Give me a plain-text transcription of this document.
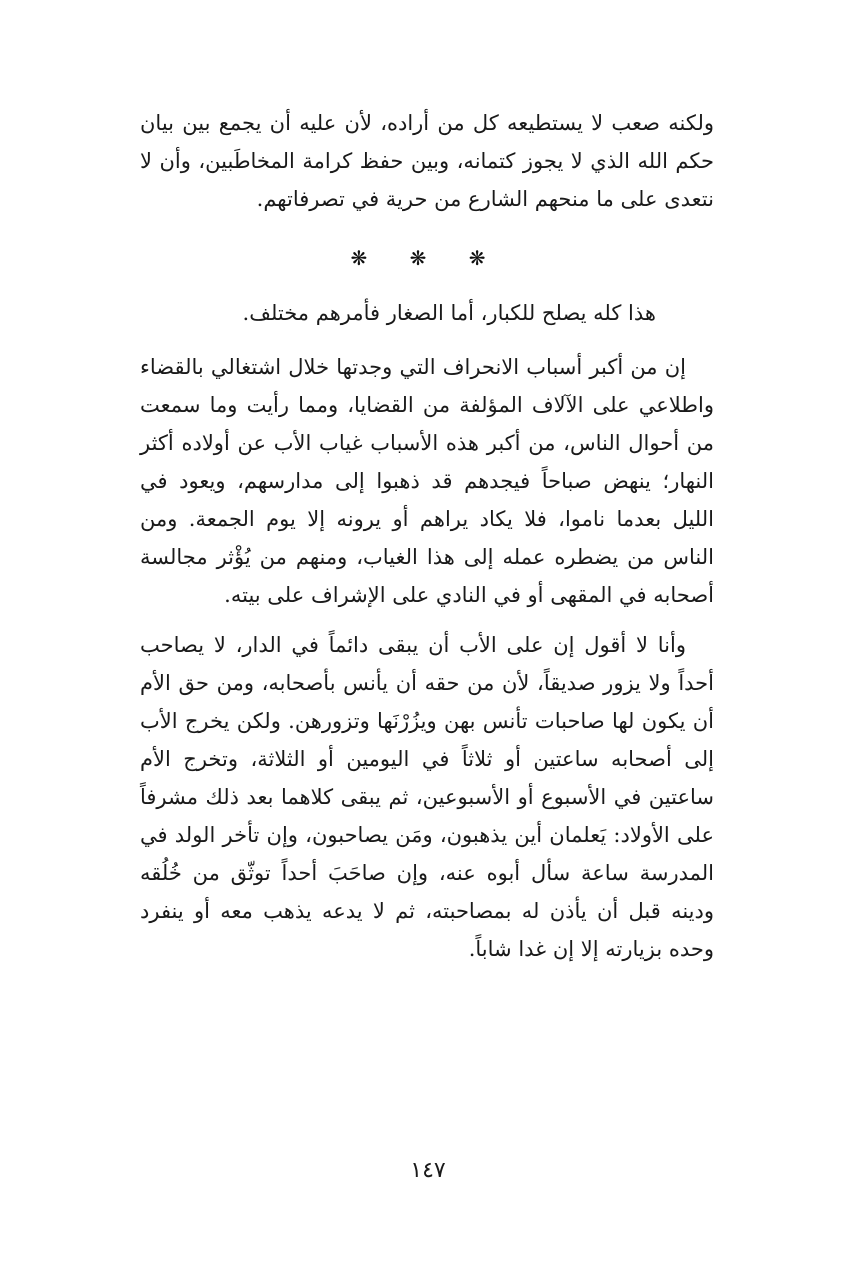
ولكنه صعب لا يستطيعه كل من أراده، لأن عليه أن يجمع بين بيان حكم الله الذي لا يجوز كتمانه، وبين حفظ كرامة المخاطَبين، وأن لا نتعدى على ما منحهم الشارع من حرية في تصرفاتهم.

❋ ❋ ❋

هذا كله يصلح للكبار، أما الصغار فأمرهم مختلف.

إن من أكبر أسباب الانحراف التي وجدتها خلال اشتغالي بالقضاء واطلاعي على الآلاف المؤلفة من القضايا، ومما رأيت وما سمعت من أحوال الناس، من أكبر هذه الأسباب غياب الأب عن أولاده أكثر النهار؛ ينهض صباحاً فيجدهم قد ذهبوا إلى مدارسهم، ويعود في الليل بعدما ناموا، فلا يكاد يراهم أو يرونه إلا يوم الجمعة. ومن الناس من يضطره عمله إلى هذا الغياب، ومنهم من يُؤْثر مجالسة أصحابه في المقهى أو في النادي على الإشراف على بيته.

وأنا لا أقول إن على الأب أن يبقى دائماً في الدار، لا يصاحب أحداً ولا يزور صديقاً، لأن من حقه أن يأنس بأصحابه، ومن حق الأم أن يكون لها صاحبات تأنس بهن ويزُرْنَها وتزورهن. ولكن يخرج الأب إلى أصحابه ساعتين أو ثلاثاً في اليومين أو الثلاثة، وتخرج الأم ساعتين في الأسبوع أو الأسبوعين، ثم يبقى كلاهما بعد ذلك مشرفاً على الأولاد: يَعلمان أين يذهبون، ومَن يصاحبون، وإن تأخر الولد في المدرسة ساعة سأل أبوه عنه، وإن صاحَبَ أحداً توثّق من خُلُقه ودينه قبل أن يأذن له بمصاحبته، ثم لا يدعه يذهب معه أو ينفرد وحده بزيارته إلا إن غدا شاباً.

١٤٧
